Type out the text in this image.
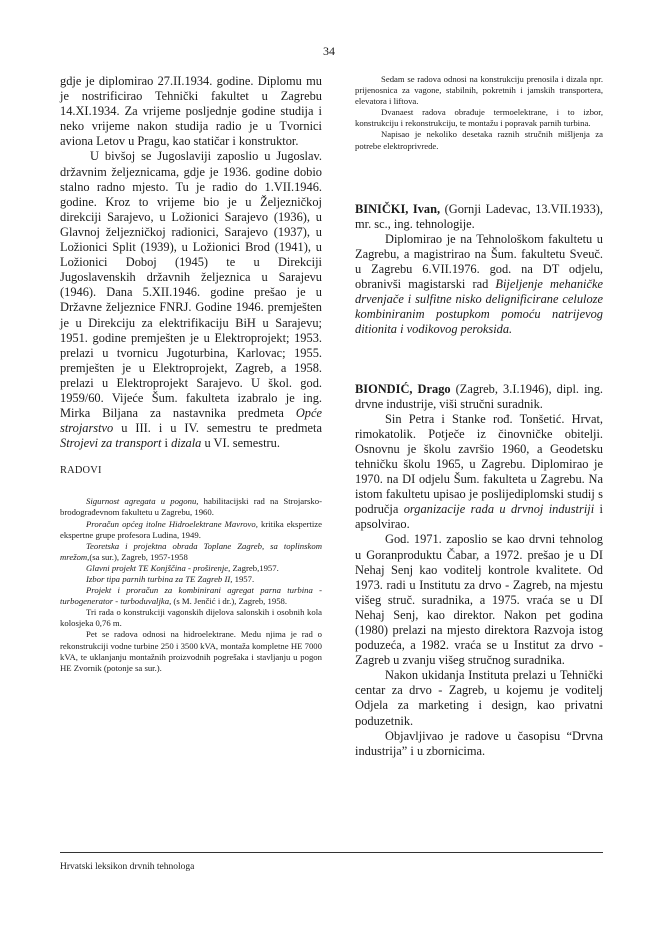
34

gdje je diplomirao 27.II.1934. godine. Diplomu mu je nostrificirao Tehnički fakultet u Zagrebu 14.XI.1934. Za vrijeme posljednje godine studija i neko vrijeme nakon studija radio je u Tvornici aviona Letov u Pragu, kao statičar i konstruktor.

U bivšoj se Jugoslaviji zaposlio u Jugoslav. državnim željeznicama, gdje je 1936. godine dobio stalno radno mjesto. Tu je radio do 1.VII.1946. godine. Kroz to vrijeme bio je u Željezničkoj direkciji Sarajevo, u Ložionici Sarajevo (1936), u Glavnoj željezničkoj radionici, Sarajevo (1937), u Ložionici Split (1939), u Ložionici Brod (1941), u Ložionici Doboj (1945) te u Direkciji Jugoslavenskih državnih željeznica u Sarajevu (1946). Dana 5.XII.1946. godine prešao je u Državne željeznice FNRJ. Godine 1946. premješten je u Direkciju za elektrifikaciju BiH u Sarajevu; 1951. godine premješten je u Elektroprojekt; 1953. prelazi u tvornicu Jugoturbina, Karlovac; 1955. premješten je u Elektroprojekt, Zagreb, a 1958. prelazi u Elektroprojekt Sarajevo. U škol. god. 1959/60. Vijeće Šum. fakulteta izabralo je ing. Mirka Biljana za nastavnika predmeta Opće strojarstvo u III. i u IV. semestru te predmeta Strojevi za transport i dizala u VI. semestru.

RADOVI

Sigurnost agregata u pogonu, habilitacijski rad na Strojarsko-brodograđevnom fakultetu u Zagrebu, 1960.

Proračun općeg itolne Hidroelektrane Mavrovo, kritika ekspertize ekspertne grupe profesora Ludina, 1949.

Teoretska i projektna obrada Toplane Zagreb, sa toplinskom mrežom,(sa sur.), Zagreb, 1957-1958

Glavni projekt TE Konjščina - proširenje, Zagreb,1957.

Izbor tipa parnih turbina za TE Zagreb II, 1957.

Projekt i proračun za kombinirani agregat parna turbina - turbogenerator - turboduvaljka, (s M. Jenčić i dr.), Zagreb, 1958.

Tri rada o konstrukciji vagonskih dijelova salonskih i osobnih kola kolosjeka 0,76 m.

Pet se radova odnosi na hidroelektrane. Medu njima je rad o rekonstrukciji vodne turbine 250 i 3500 kVA, montaža kompletne HE 7000 kVA, te uklanjanju montažnih proizvodnih pogrešaka i stavljanju u pogon HE Zvornik (potonje sa sur.).

Sedam se radova odnosi na konstrukciju prenosila i dizala npr. prijenosnica za vagone, stabilnih, pokretnih i jamskih transportera, elevatora i liftova.

Dvanaest radova obrađuje termoelektrane, i to izbor, konstrukciju i rekonstrukciju, te montažu i popravak parnih turbina.

Napisao je nekoliko desetaka raznih stručnih mišljenja za potrebe elektroprivrede.

BINIČKI, Ivan, (Gornji Ladevac, 13.VII.1933), mr. sc., ing. tehnologije.

Diplomirao je na Tehnološkom fakultetu u Zagrebu, a magistrirao na Šum. fakultetu Sveuč. u Zagrebu 6.VII.1976. god. na DT odjelu, obranivši magistarski rad Bijeljenje mehaničke drvenjače i sulfitne nisko delignificirane celuloze kombiniranim postupkom pomoću natrijevog ditionita i vodikovog peroksida.

BIONDIĆ, Drago (Zagreb, 3.I.1946), dipl. ing. drvne industrije, viši stručni suradnik.

Sin Petra i Stanke rođ. Tonšetić. Hrvat, rimokatolik. Potječe iz činovničke obitelji. Osnovnu je školu završio 1960, a Geodetsku tehničku školu 1965, u Zagrebu. Diplomirao je 1970. na DI odjelu Šum. fakulteta u Zagrebu. Na istom fakultetu upisao je poslijediplomski studij s područja organizacije rada u drvnoj industriji i apsolvirao.

God. 1971. zaposlio se kao drvni tehnolog u Goranproduktu Čabar, a 1972. prešao je u DI Nehaj Senj kao voditelj kontrole kvalitete. Od 1973. radi u Institutu za drvo - Zagreb, na mjestu višeg struč. suradnika, a 1975. vraća se u DI Nehaj Senj, kao direktor. Nakon pet godina (1980) prelazi na mjesto direktora Razvoja istog poduzeća, a 1982. vraća se u Institut za drvo - Zagreb u zvanju višeg stručnog suradnika.

Nakon ukidanja Instituta prelazi u Tehnički centar za drvo - Zagreb, u kojemu je voditelj Odjela za marketing i design, kao privatni poduzetnik.

Objavljivao je radove u časopisu “Drvna industrija” i u zbornicima.

Hrvatski leksikon drvnih tehnologa
